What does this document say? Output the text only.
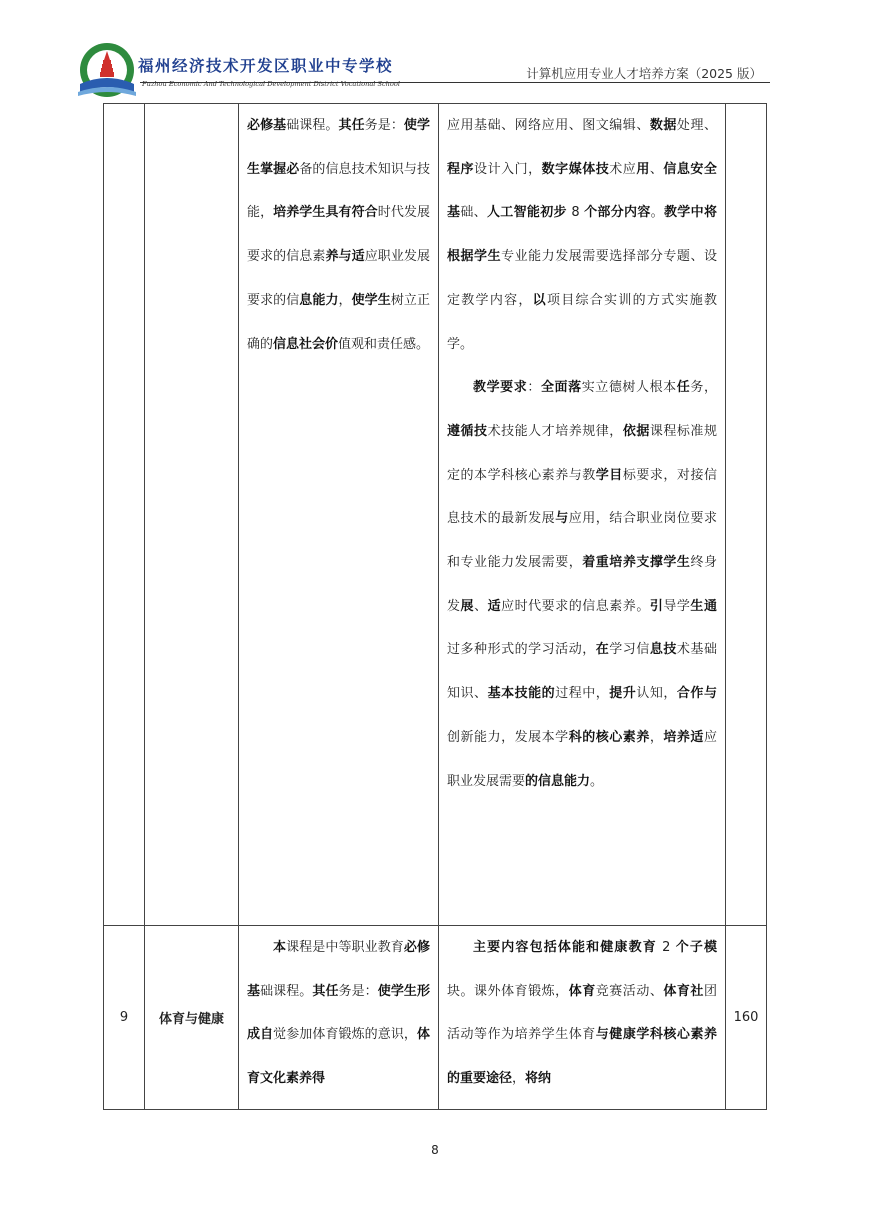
福州经济技术开发区职业中专学校
Fuzhou Economic And Technological Development District Vocational School
计算机应用专业人才培养方案（2025 版）

		必修基础课程。其任务是：使学生掌握必备的信息技术知识与技能，培养学生具有符合时代发展要求的信息素养与适应职业发展要求的信息能力，使学生树立正确的信息社会价值观和责任感。	应用基础、网络应用、图文编辑、数据处理、程序设计入门，数字媒体技术应用、信息安全基础、人工智能初步 8 个部分内容。教学中将根据学生专业能力发展需要选择部分专题、设定教学内容，以项目综合实训的方式实施教学。

教学要求：全面落实立德树人根本任务，遵循技术技能人才培养规律，依据课程标准规定的本学科核心素养与教学目标要求，对接信息技术的最新发展与应用，结合职业岗位要求和专业能力发展需要，着重培养支撑学生终身发展、适应时代要求的信息素养。引导学生通过多种形式的学习活动，在学习信息技术基础知识、基本技能的过程中，提升认知，合作与创新能力，发展本学科的核心素养，培养适应职业发展需要的信息能力。	

9	体育与健康	本课程是中等职业教育必修基础课程。其任务是：使学生形成自觉参加体育锻炼的意识，体育文化素养得	主要内容包括体能和健康教育 2 个子模块。课外体育锻炼，体育竞赛活动、体育社团活动等作为培养学生体育与健康学科核心素养的重要途径，将纳	160
8
